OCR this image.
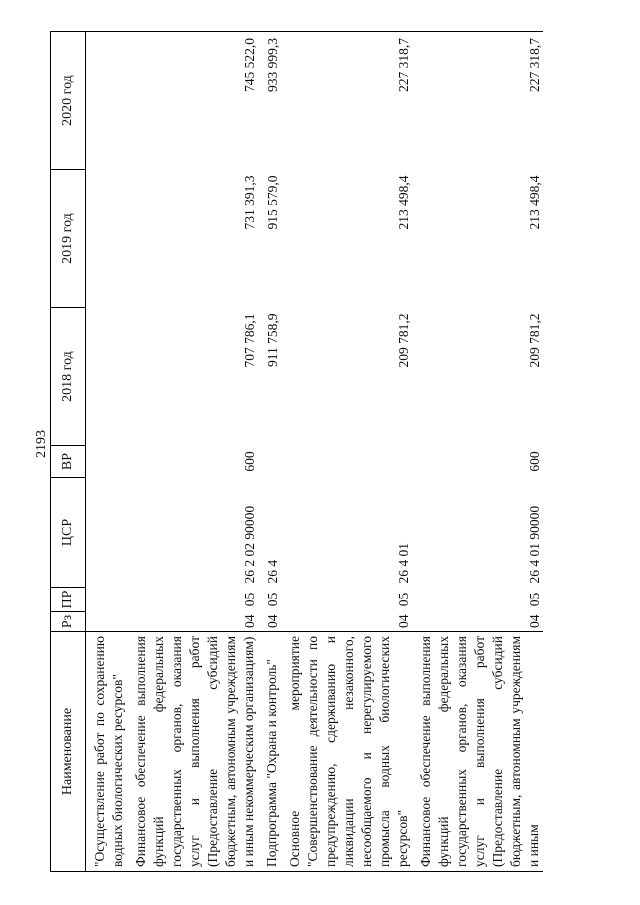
2193
Наименование	Рз	ПР	ЦСР	ВР	2018 год	2019 год	2020 год
"Осуществление работ по сохранению водных биологических ресурсов"							
Финансовое обеспечение выполнения функций федеральных государственных органов, оказания услуг и выполнения работ (Предоставление субсидий бюджетным, автономным учреждениям и иным некоммерческим организациям)	04	05	26 2 02 90000	600	707 786,1	731 391,3	745 522,0
Подпрограмма "Охрана и контроль"	04	05	26 4		911 758,9	915 579,0	933 999,3
Основное мероприятие "Совершенствование деятельности по предупреждению, сдерживанию и ликвидации незаконного, несообщаемого и нерегулируемого промысла водных биологических ресурсов"	04	05	26 4 01		209 781,2	213 498,4	227 318,7
Финансовое обеспечение выполнения функций федеральных государственных органов, оказания услуг и выполнения работ (Предоставление субсидий бюджетным, автономным учреждениям и иным	04	05	26 4 01 90000	600	209 781,2	213 498,4	227 318,7
